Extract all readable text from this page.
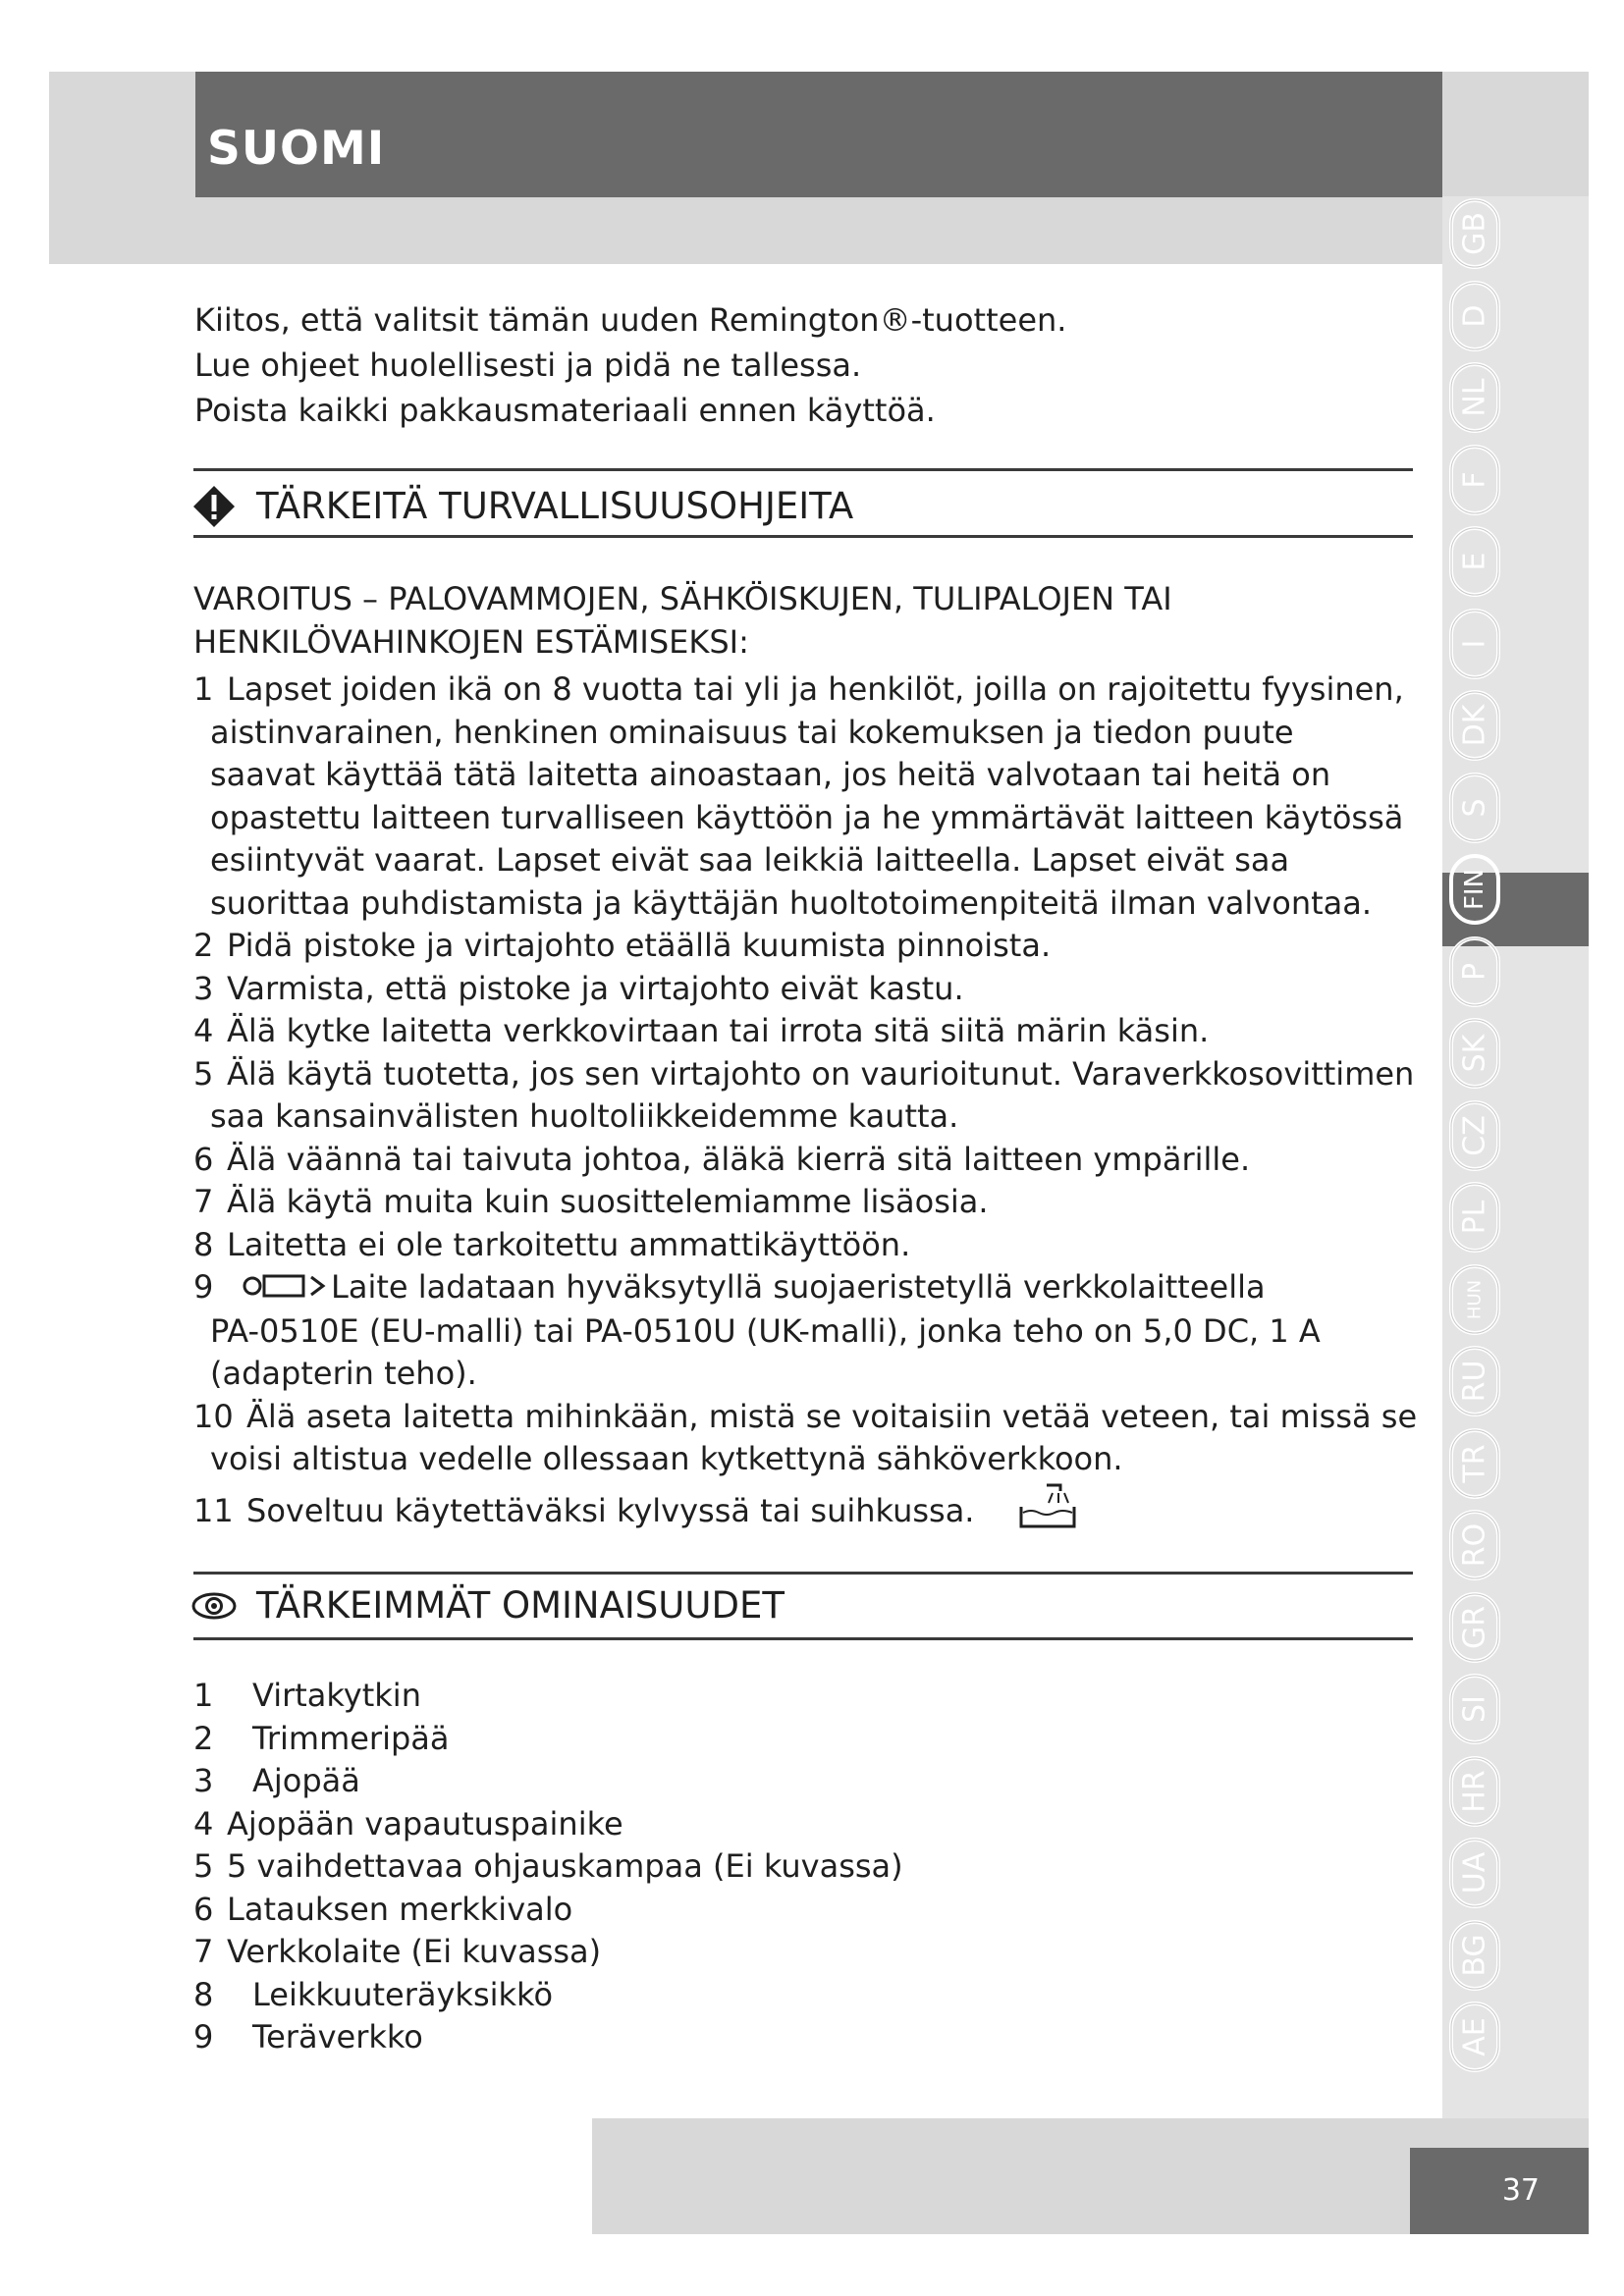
SUOMI
GB
D
NL
F
E
I
DK
S
FIN
P
SK
CZ
PL
HUN
RU
TR
RO
GR
SI
HR
UA
BG
AE
37
Kiitos, että valitsit tämän uuden Remington®-tuotteen.
Lue ohjeet huolellisesti ja pidä ne tallessa.
Poista kaikki pakkausmateriaali ennen käyttöä.
TÄRKEITÄ TURVALLISUUSOHJEITA
VAROITUS – PALOVAMMOJEN, SÄHKÖISKUJEN, TULIPALOJEN TAI
HENKILÖVAHINKOJEN ESTÄMISEKSI:
1 Lapset joiden ikä on 8 vuotta tai yli ja henkilöt, joilla on rajoitettu fyysinen,
aistinvarainen, henkinen ominaisuus tai kokemuksen ja tiedon puute
saavat käyttää tätä laitetta ainoastaan, jos heitä valvotaan tai heitä on
opastettu laitteen turvalliseen käyttöön ja he ymmärtävät laitteen käytössä
esiintyvät vaarat. Lapset eivät saa leikkiä laitteella. Lapset eivät saa
suorittaa puhdistamista ja käyttäjän huoltotoimenpiteitä ilman valvontaa.
2 Pidä pistoke ja virtajohto etäällä kuumista pinnoista.
3 Varmista, että pistoke ja virtajohto eivät kastu.
4 Älä kytke laitetta verkkovirtaan tai irrota sitä siitä märin käsin.
5 Älä käytä tuotetta, jos sen virtajohto on vaurioitunut. Varaverkkosovittimen
saa kansainvälisten huoltoliikkeidemme kautta.
6 Älä väännä tai taivuta johtoa, äläkä kierrä sitä laitteen ympärille.
7 Älä käytä muita kuin suosittelemiamme lisäosia.
8 Laitetta ei ole tarkoitettu ammattikäyttöön.
9	Laite ladataan hyväksytyllä suojaeristetyllä verkkolaitteella
PA-0510E (EU-malli) tai PA-0510U (UK-malli), jonka teho on 5,0 DC, 1 A
(adapterin teho).
10 Älä aseta laitetta mihinkään, mistä se voitaisiin vetää veteen, tai missä se
voisi altistua vedelle ollessaan kytkettynä sähköverkkoon.
11 Soveltuu käytettäväksi kylvyssä tai suihkussa.
TÄRKEIMMÄT OMINAISUUDET
1 Virtakytkin
2 Trimmeripää
3 Ajopää
4 Ajopään vapautuspainike
5 5 vaihdettavaa ohjauskampaa (Ei kuvassa)
6 Latauksen merkkivalo
7 Verkkolaite (Ei kuvassa)
8 Leikkuuteräyksikkö
9 Teräverkko
